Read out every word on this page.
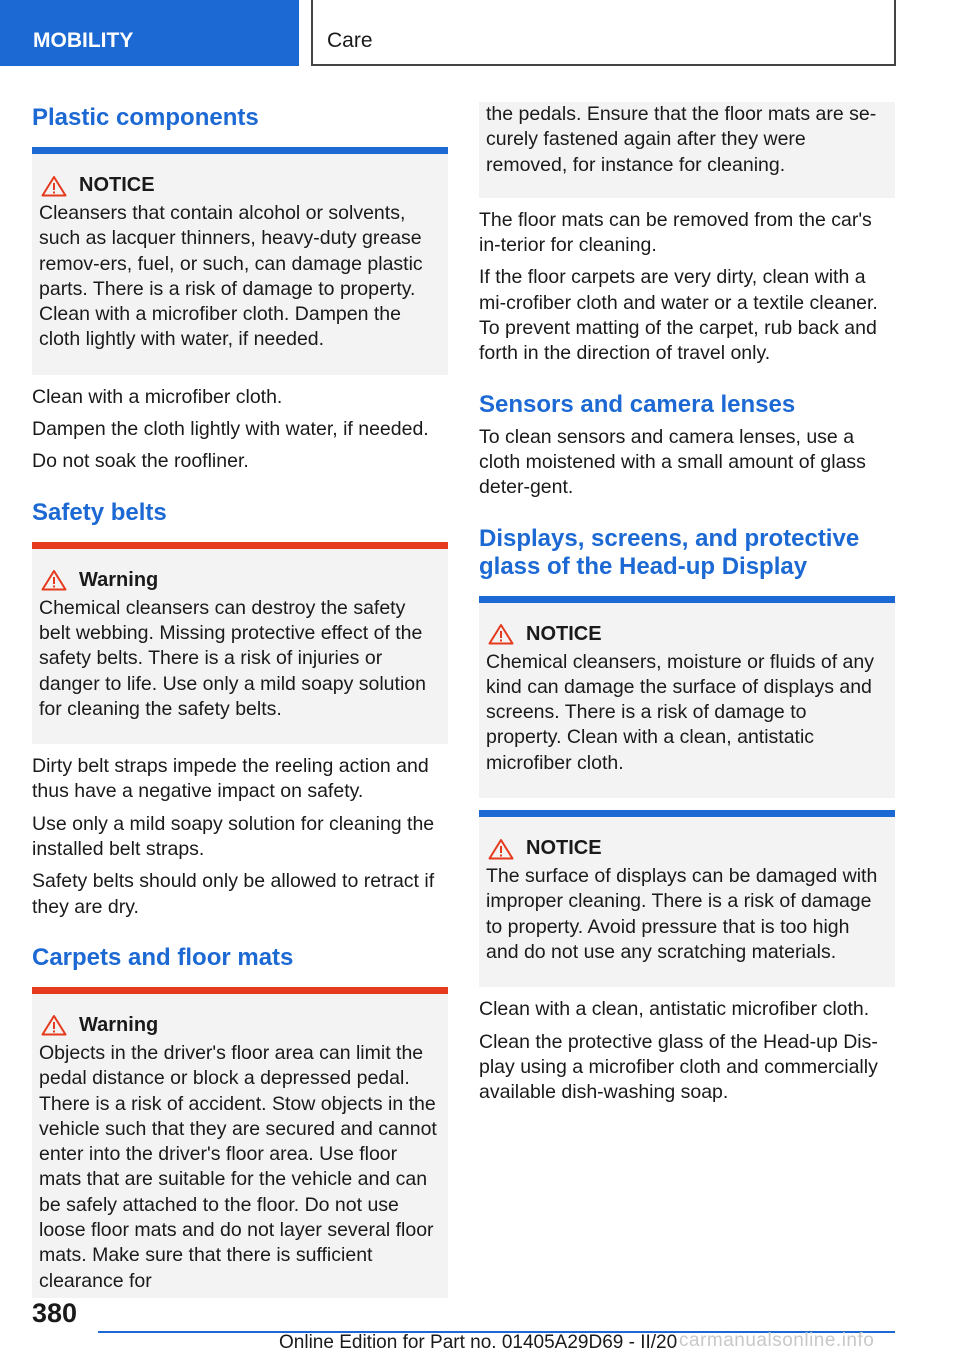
MOBILITY	Care
Plastic components
NOTICE

Cleansers that contain alcohol or solvents, such as lacquer thinners, heavy-duty grease remov-ers, fuel, or such, can damage plastic parts. There is a risk of damage to property. Clean with a microfiber cloth. Dampen the cloth lightly with water, if needed.

Clean with a microfiber cloth.

Dampen the cloth lightly with water, if needed.

Do not soak the roofliner.

Safety belts
Warning

Chemical cleansers can destroy the safety belt webbing. Missing protective effect of the safety belts. There is a risk of injuries or danger to life. Use only a mild soapy solution for cleaning the safety belts.

Dirty belt straps impede the reeling action and thus have a negative impact on safety.

Use only a mild soapy solution for cleaning the installed belt straps.

Safety belts should only be allowed to retract if they are dry.

Carpets and floor mats
Warning

Objects in the driver's floor area can limit the pedal distance or block a depressed pedal. There is a risk of accident. Stow objects in the vehicle such that they are secured and cannot enter into the driver's floor area. Use floor mats that are suitable for the vehicle and can be safely attached to the floor. Do not use loose floor mats and do not layer several floor mats. Make sure that there is sufficient clearance for

the pedals. Ensure that the floor mats are se-curely fastened again after they were removed, for instance for cleaning.

The floor mats can be removed from the car's in-terior for cleaning.

If the floor carpets are very dirty, clean with a mi-crofiber cloth and water or a textile cleaner. To prevent matting of the carpet, rub back and forth in the direction of travel only.

Sensors and camera lenses

To clean sensors and camera lenses, use a cloth moistened with a small amount of glass deter-gent.

Displays, screens, and protective glass of the Head-up Display
NOTICE

Chemical cleansers, moisture or fluids of any kind can damage the surface of displays and screens. There is a risk of damage to property. Clean with a clean, antistatic microfiber cloth.

NOTICE

The surface of displays can be damaged with improper cleaning. There is a risk of damage to property. Avoid pressure that is too high and do not use any scratching materials.

Clean with a clean, antistatic microfiber cloth.

Clean the protective glass of the Head-up Dis-play using a microfiber cloth and commercially available dish-washing soap.

380
Online Edition for Part no. 01405A29D69 - II/20 carmanualsonline.info
